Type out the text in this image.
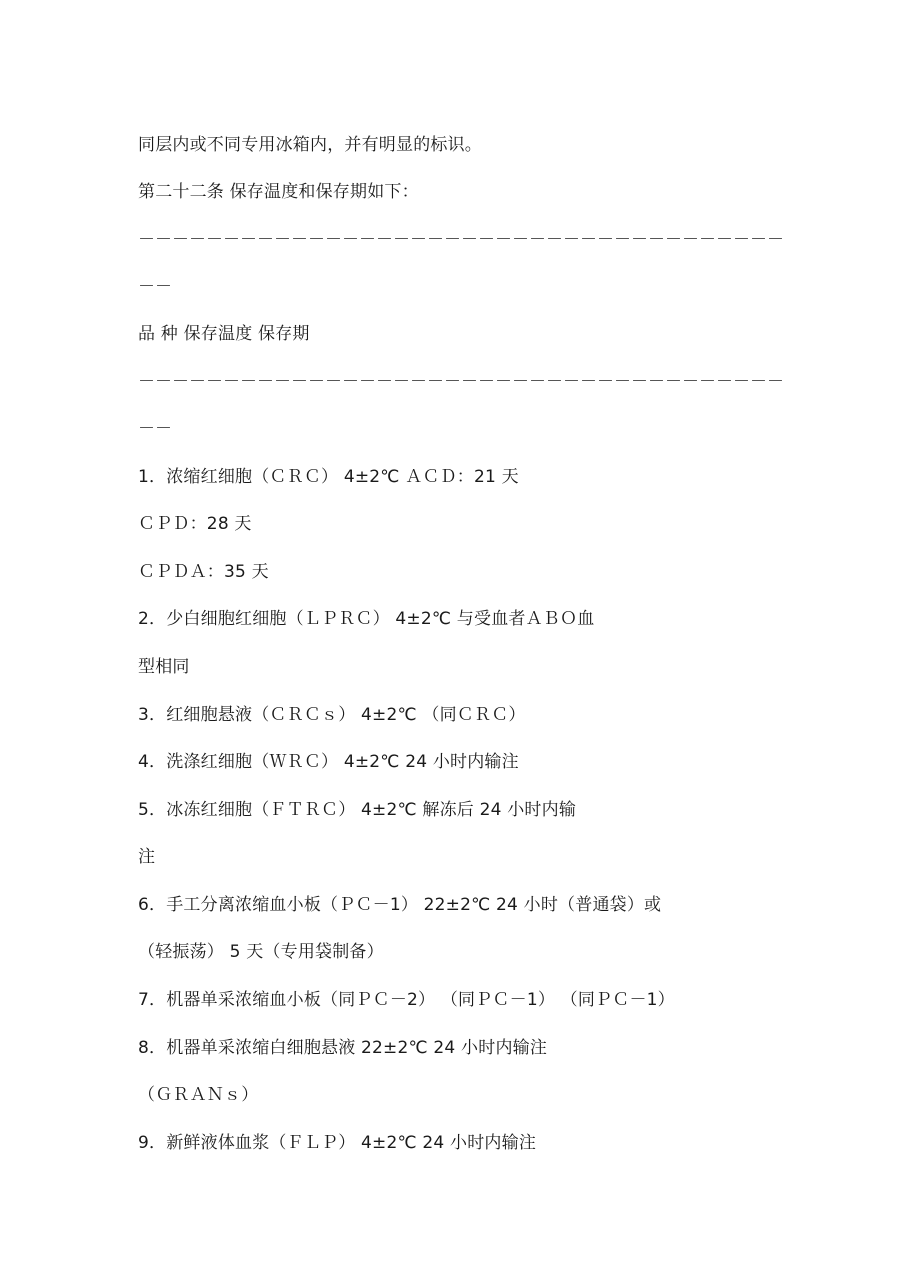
同层内或不同专用冰箱内，并有明显的标识。
第二十二条 保存温度和保存期如下：
－－－－－－－－－－－－－－－－－－－－－－－－－－－－－－－－－－－－－－
－－
品 种 保存温度 保存期
－－－－－－－－－－－－－－－－－－－－－－－－－－－－－－－－－－－－－－
－－
1．浓缩红细胞（ＣＲＣ） 4±2℃ ＡＣＤ：21 天
ＣＰＤ：28 天
ＣＰＤＡ：35 天
2．少白细胞红细胞（ＬＰＲＣ） 4±2℃ 与受血者ＡＢＯ血
型相同
3．红细胞悬液（ＣＲＣｓ） 4±2℃ （同ＣＲＣ）
4．洗涤红细胞（ＷＲＣ） 4±2℃ 24 小时内输注
5．冰冻红细胞（ＦＴＲＣ） 4±2℃ 解冻后 24 小时内输
注
6．手工分离浓缩血小板（ＰＣ－1） 22±2℃ 24 小时（普通袋）或
（轻振荡） 5 天（专用袋制备）
7．机器单采浓缩血小板（同ＰＣ－2） （同ＰＣ－1） （同ＰＣ－1）
8．机器单采浓缩白细胞悬液 22±2℃ 24 小时内输注
（ＧＲＡＮｓ）
9．新鲜液体血浆（ＦＬＰ） 4±2℃ 24 小时内输注
